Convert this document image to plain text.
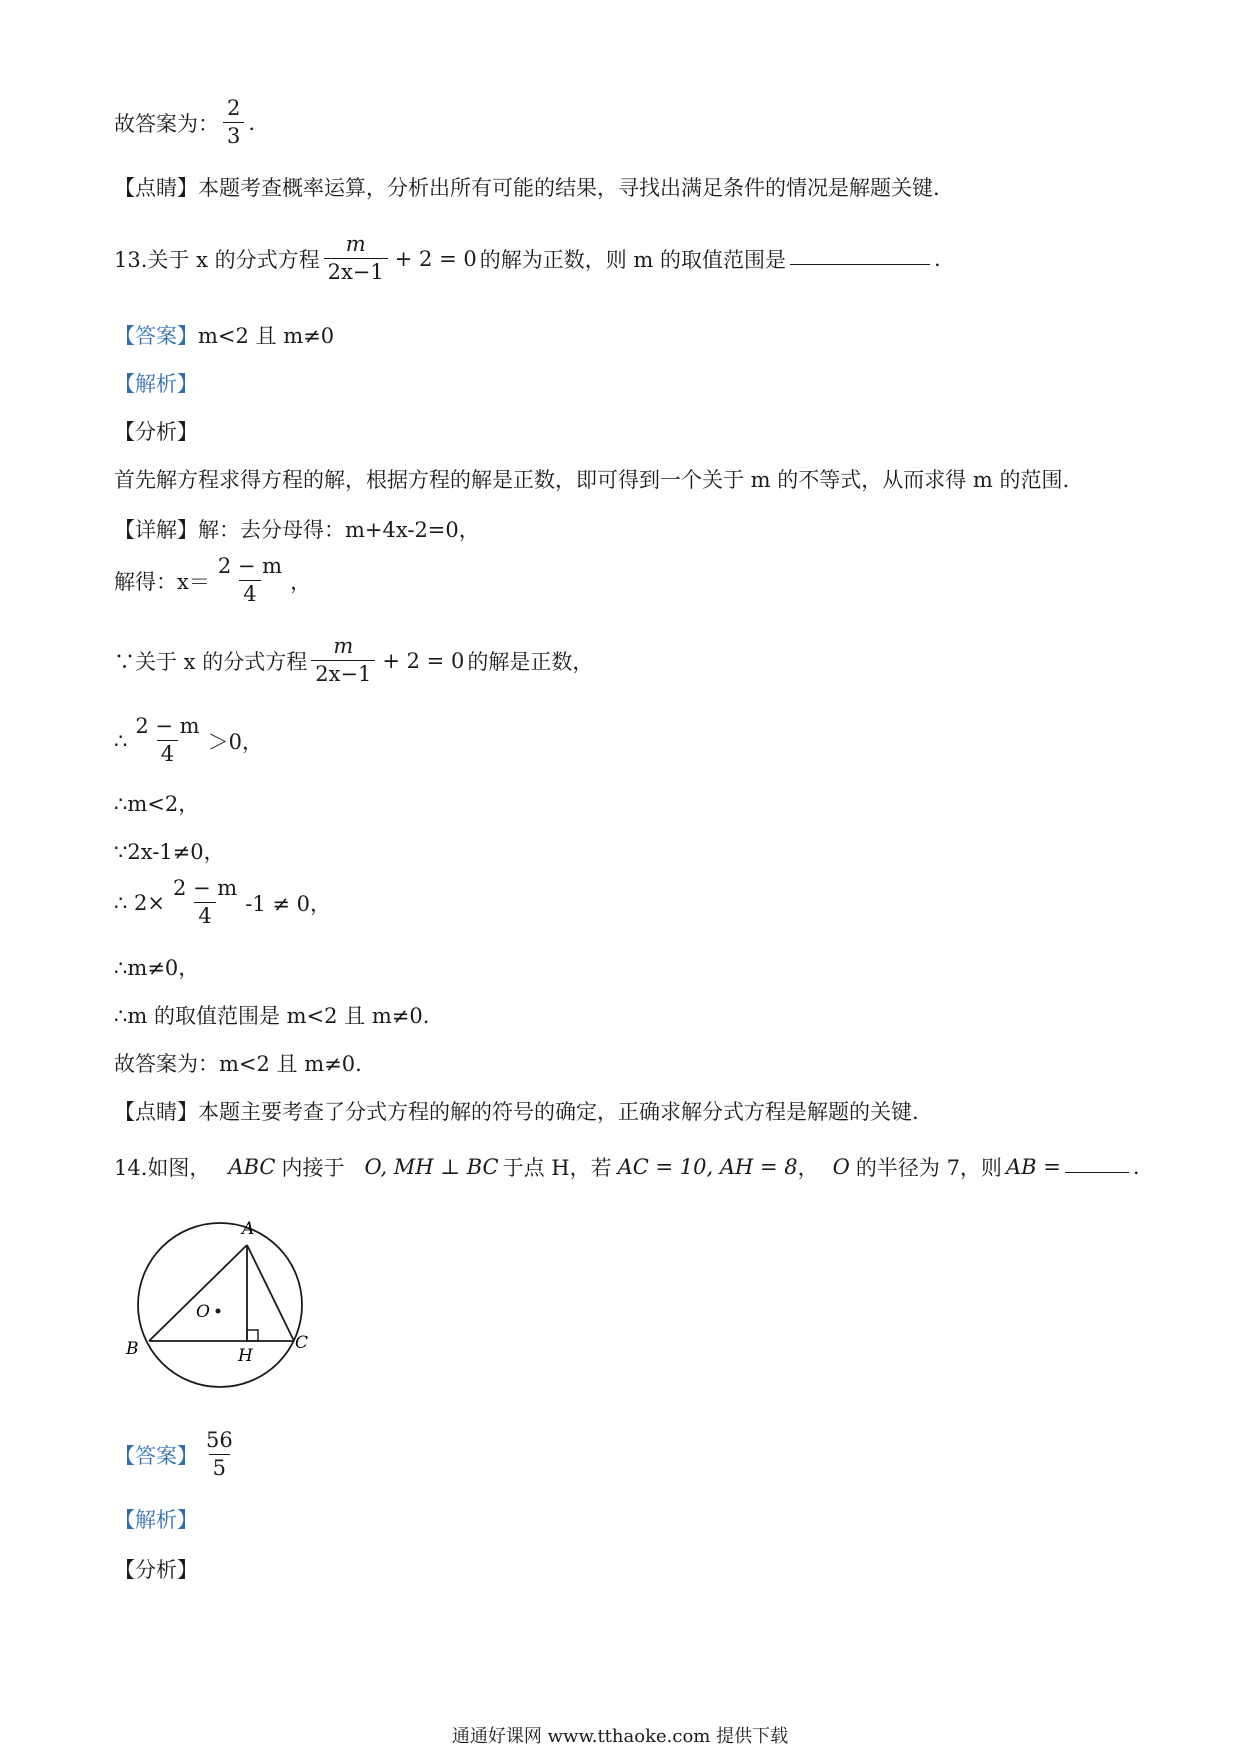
故答案为： $\frac{2}{3}$ .
【点睛】本题考查概率运算，分析出所有可能的结果，寻找出满足条件的情况是解题关键.
13.关于 x 的分式方程 $\frac{m}{2x-1} + 2 = 0$ 的解为正数，则 m 的取值范围是	.
【答案】 m<2 且 m≠0
【解析】
【分析】
首先解方程求得方程的解，根据方程的解是正数，即可得到一个关于 m 的不等式，从而求得 m 的范围.
【详解】解：去分母得：m+4x-2=0，
解得：$x= \frac{2 - m}{4}$ ，
∵关于 x 的分式方程 $\frac{m}{2x-1} + 2 = 0$ 的解是正数，
∴ $\frac{2 - m}{4} >0$，
∴m<2，
∵2x-1≠0，
∴ $2\times \frac{2 - m}{4} -1 \ne 0$，
∴m≠0，
∴m 的取值范围是 m<2 且 m≠0.
故答案为：m<2 且 m≠0.
【点睛】本题主要考查了分式方程的解的符号的确定，正确求解分式方程是解题的关键.
14.如图， ABC 内接于 O, MH ⊥ BC 于点 H，若 AC = 10, AH = 8 ， O 的半径为 7，则 AB =	.
A
B	C
H
O
【答案】 $\frac{56}{5}$
【解析】
【分析】
通通好课网 www.tthaoke.com 提供下载
